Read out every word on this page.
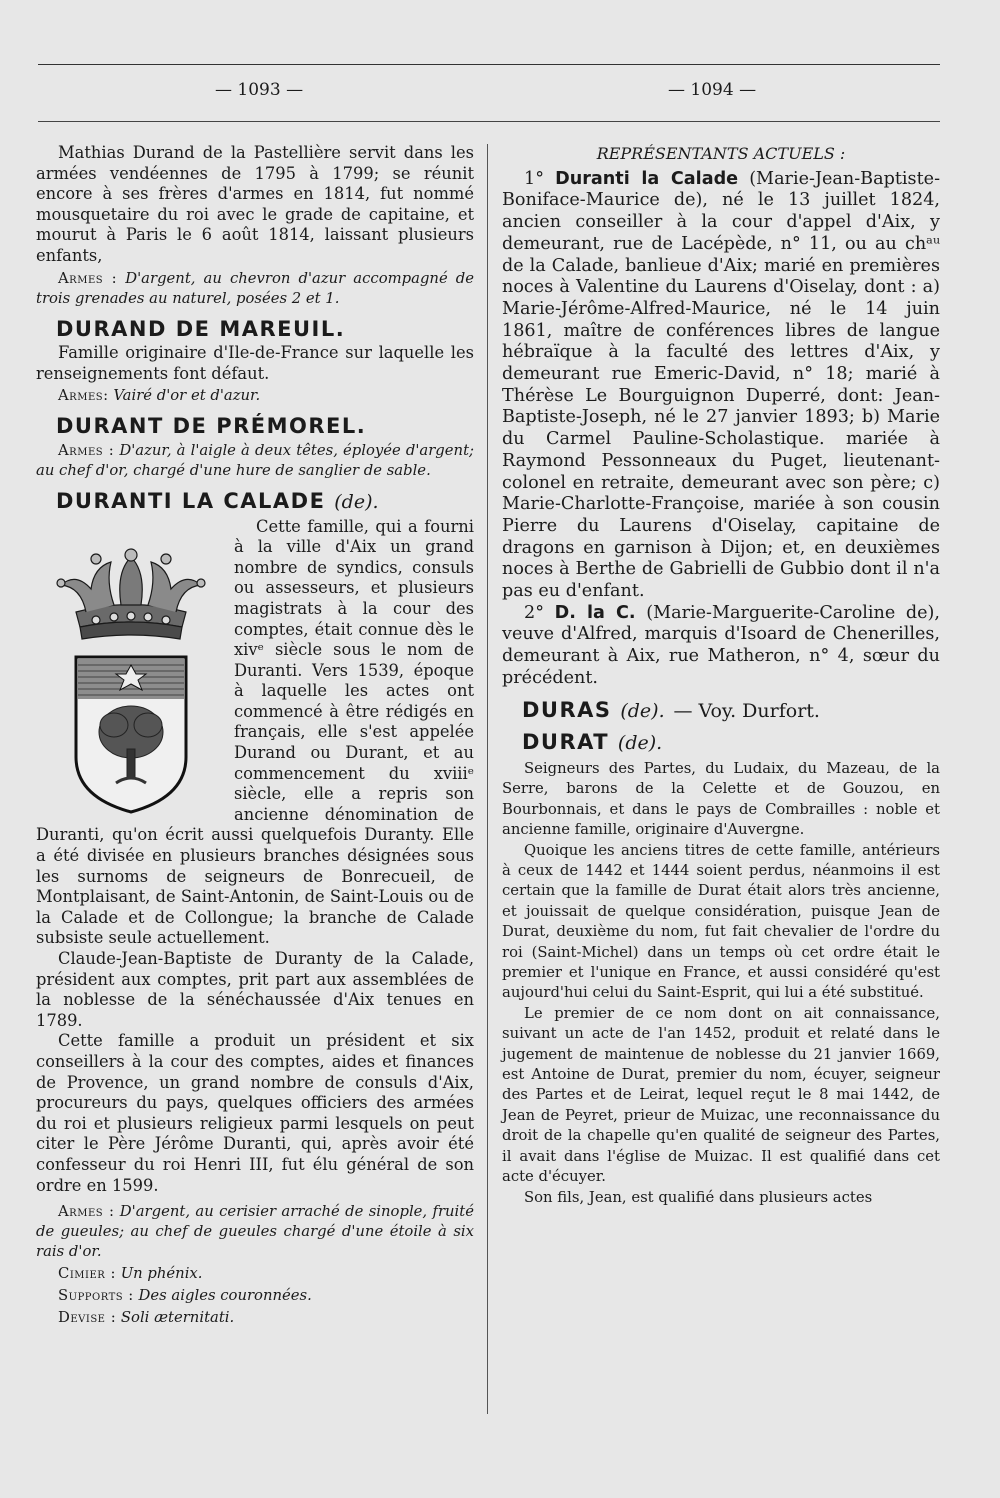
— 1093 —	— 1094 —

Mathias Durand de la Pastellière servit dans les armées vendéennes de 1795 à 1799; se réunit encore à ses frères d'armes en 1814, fut nommé mousquetaire du roi avec le grade de capitaine, et mourut à Paris le 6 août 1814, laissant plusieurs enfants,

Armes : D'argent, au chevron d'azur accompagné de trois grenades au naturel, posées 2 et 1.

DURAND DE MAREUIL.

Famille originaire d'Ile-de-France sur laquelle les renseignements font défaut.

Armes: Vairé d'or et d'azur.

DURANT DE PRÉMOREL.

Armes : D'azur, à l'aigle à deux têtes, éployée d'argent; au chef d'or, chargé d'une hure de sanglier de sable.

DURANTI LA CALADE (de).

Cette famille, qui a fourni à la ville d'Aix un grand nombre de syndics, consuls ou assesseurs, et plusieurs magistrats à la cour des comptes, était connue dès le xivᵉ siècle sous le nom de Duranti. Vers 1539, époque à laquelle les actes ont commencé à être rédigés en français, elle s'est appelée Durand ou Durant, et au commencement du xviiiᵉ siècle, elle a repris son ancienne dénomination de Duranti, qu'on écrit aussi quelquefois Duranty. Elle a été divisée en plusieurs branches désignées sous les surnoms de seigneurs de Bonrecueil, de Montplaisant, de Saint-Antonin, de Saint-Louis ou de la Calade et de Collongue; la branche de Calade subsiste seule actuellement.

Claude-Jean-Baptiste de Duranty de la Calade, président aux comptes, prit part aux assemblées de la noblesse de la sénéchaussée d'Aix tenues en 1789.

Cette famille a produit un président et six conseillers à la cour des comptes, aides et finances de Provence, un grand nombre de consuls d'Aix, procureurs du pays, quelques officiers des armées du roi et plusieurs religieux parmi lesquels on peut citer le Père Jérôme Duranti, qui, après avoir été confesseur du roi Henri III, fut élu général de son ordre en 1599.

Armes : D'argent, au cerisier arraché de sinople, fruité de gueules; au chef de gueules chargé d'une étoile à six rais d'or.

Cimier : Un phénix.

Supports : Des aigles couronnées.

Devise : Soli æternitati.

REPRÉSENTANTS ACTUELS :

1° Duranti la Calade (Marie-Jean-Baptiste-Boniface-Maurice de), né le 13 juillet 1824, ancien conseiller à la cour d'appel d'Aix, y demeurant, rue de Lacépède, n° 11, ou au chᵃᵘ de la Calade, banlieue d'Aix; marié en premières noces à Valentine du Laurens d'Oiselay, dont : a) Marie-Jérôme-Alfred-Maurice, né le 14 juin 1861, maître de conférences libres de langue hébraïque à la faculté des lettres d'Aix, y demeurant rue Emeric-David, n° 18; marié à Thérèse Le Bourguignon Duperré, dont: Jean-Baptiste-Joseph, né le 27 janvier 1893; b) Marie du Carmel Pauline-Scholastique. mariée à Raymond Pessonneaux du Puget, lieutenant-colonel en retraite, demeurant avec son père; c) Marie-Charlotte-Françoise, mariée à son cousin Pierre du Laurens d'Oiselay, capitaine de dragons en garnison à Dijon; et, en deuxièmes noces à Berthe de Gabrielli de Gubbio dont il n'a pas eu d'enfant.

2° D. la C. (Marie-Marguerite-Caroline de), veuve d'Alfred, marquis d'Isoard de Chenerilles, demeurant à Aix, rue Matheron, n° 4, sœur du précédent.

DURAS (de). — Voy. Durfort.
DURAT (de).

Seigneurs des Partes, du Ludaix, du Mazeau, de la Serre, barons de la Celette et de Gouzou, en Bourbonnais, et dans le pays de Combrailles : noble et ancienne famille, originaire d'Auvergne.

Quoique les anciens titres de cette famille, antérieurs à ceux de 1442 et 1444 soient perdus, néanmoins il est certain que la famille de Durat était alors très ancienne, et jouissait de quelque considération, puisque Jean de Durat, deuxième du nom, fut fait chevalier de l'ordre du roi (Saint-Michel) dans un temps où cet ordre était le premier et l'unique en France, et aussi considéré qu'est aujourd'hui celui du Saint-Esprit, qui lui a été substitué.

Le premier de ce nom dont on ait connaissance, suivant un acte de l'an 1452, produit et relaté dans le jugement de maintenue de noblesse du 21 janvier 1669, est Antoine de Durat, premier du nom, écuyer, seigneur des Partes et de Leirat, lequel reçut le 8 mai 1442, de Jean de Peyret, prieur de Muizac, une reconnaissance du droit de la chapelle qu'en qualité de seigneur des Partes, il avait dans l'église de Muizac. Il est qualifié dans cet acte d'écuyer.

Son fils, Jean, est qualifié dans plusieurs actes
